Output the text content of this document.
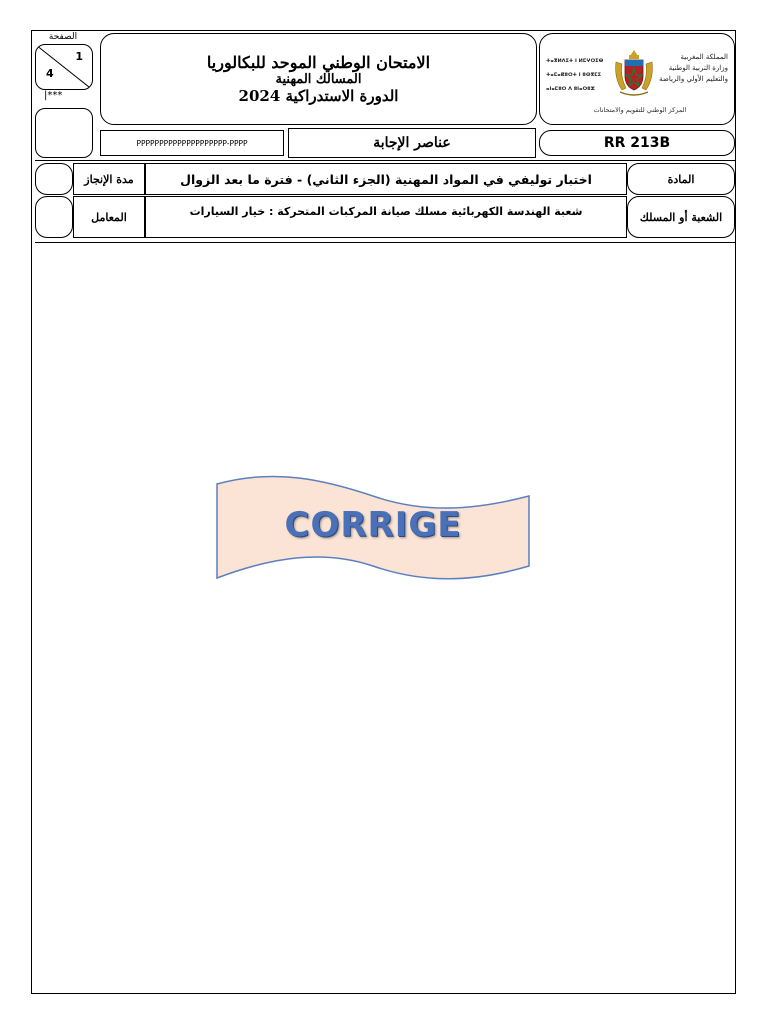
الصفحة
1
4
|***
الامتحان الوطني الموحد للبكالوريا
المسالك المهنية
الدورة الاستدراكية 2024
ⵜⴰⴳⵍⴷⵉⵜ ⵏ ⵍⵎⵖⵔⵉⴱ
ⵜⴰⵎⴰⴽⵓⵔⵜ ⵏ ⵓⵙⴳⵎⵉ
ⴰⵏⴰⵎⵓⵔ ⴷ ⵓⵏⴰⵔⵓⵣ
المملكة المغربية
وزارة التربية الوطنية
والتعليم الأولي والرياضة
المركز الوطني للتقويم والامتحانات
PPPPPPPPPPPPPPPPPPPP-PPPP	عناصر الإجابة	RR 213B
مدة الإنجاز	اختبار توليفي في المواد المهنية (الجزء الثاني) - فترة ما بعد الزوال	المادة
المعامل	شعبة الهندسة الكهربائية مسلك صيانة المركبات المتحركة : خيار السيارات	الشعبة أو المسلك
CORRIGE
